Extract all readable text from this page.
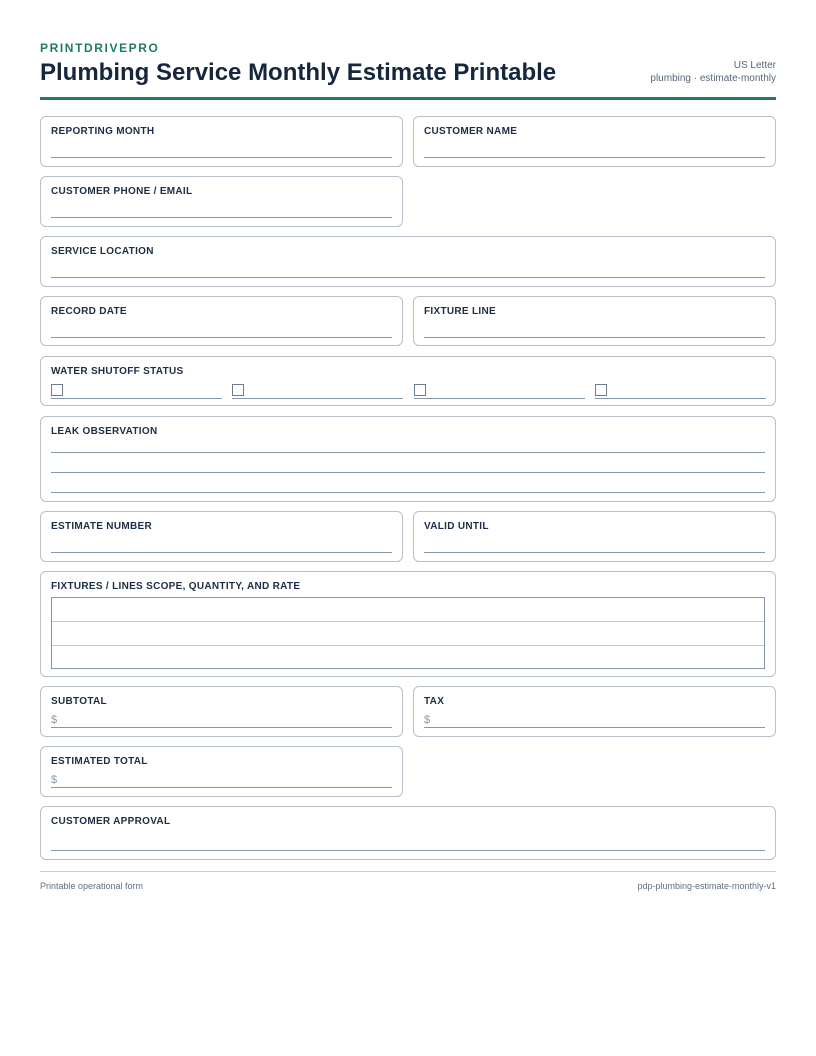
PRINTDRIVEPRO
Plumbing Service Monthly Estimate Printable	US Letter
plumbing · estimate-monthly
REPORTING MONTH	CUSTOMER NAME
CUSTOMER PHONE / EMAIL
SERVICE LOCATION
RECORD DATE	FIXTURE LINE
WATER SHUTOFF STATUS
LEAK OBSERVATION
ESTIMATE NUMBER	VALID UNTIL
FIXTURES / LINES SCOPE, QUANTITY, AND RATE
SUBTOTAL
$
TAX
$
ESTIMATED TOTAL
$
CUSTOMER APPROVAL
Printable operational form	pdp-plumbing-estimate-monthly-v1
